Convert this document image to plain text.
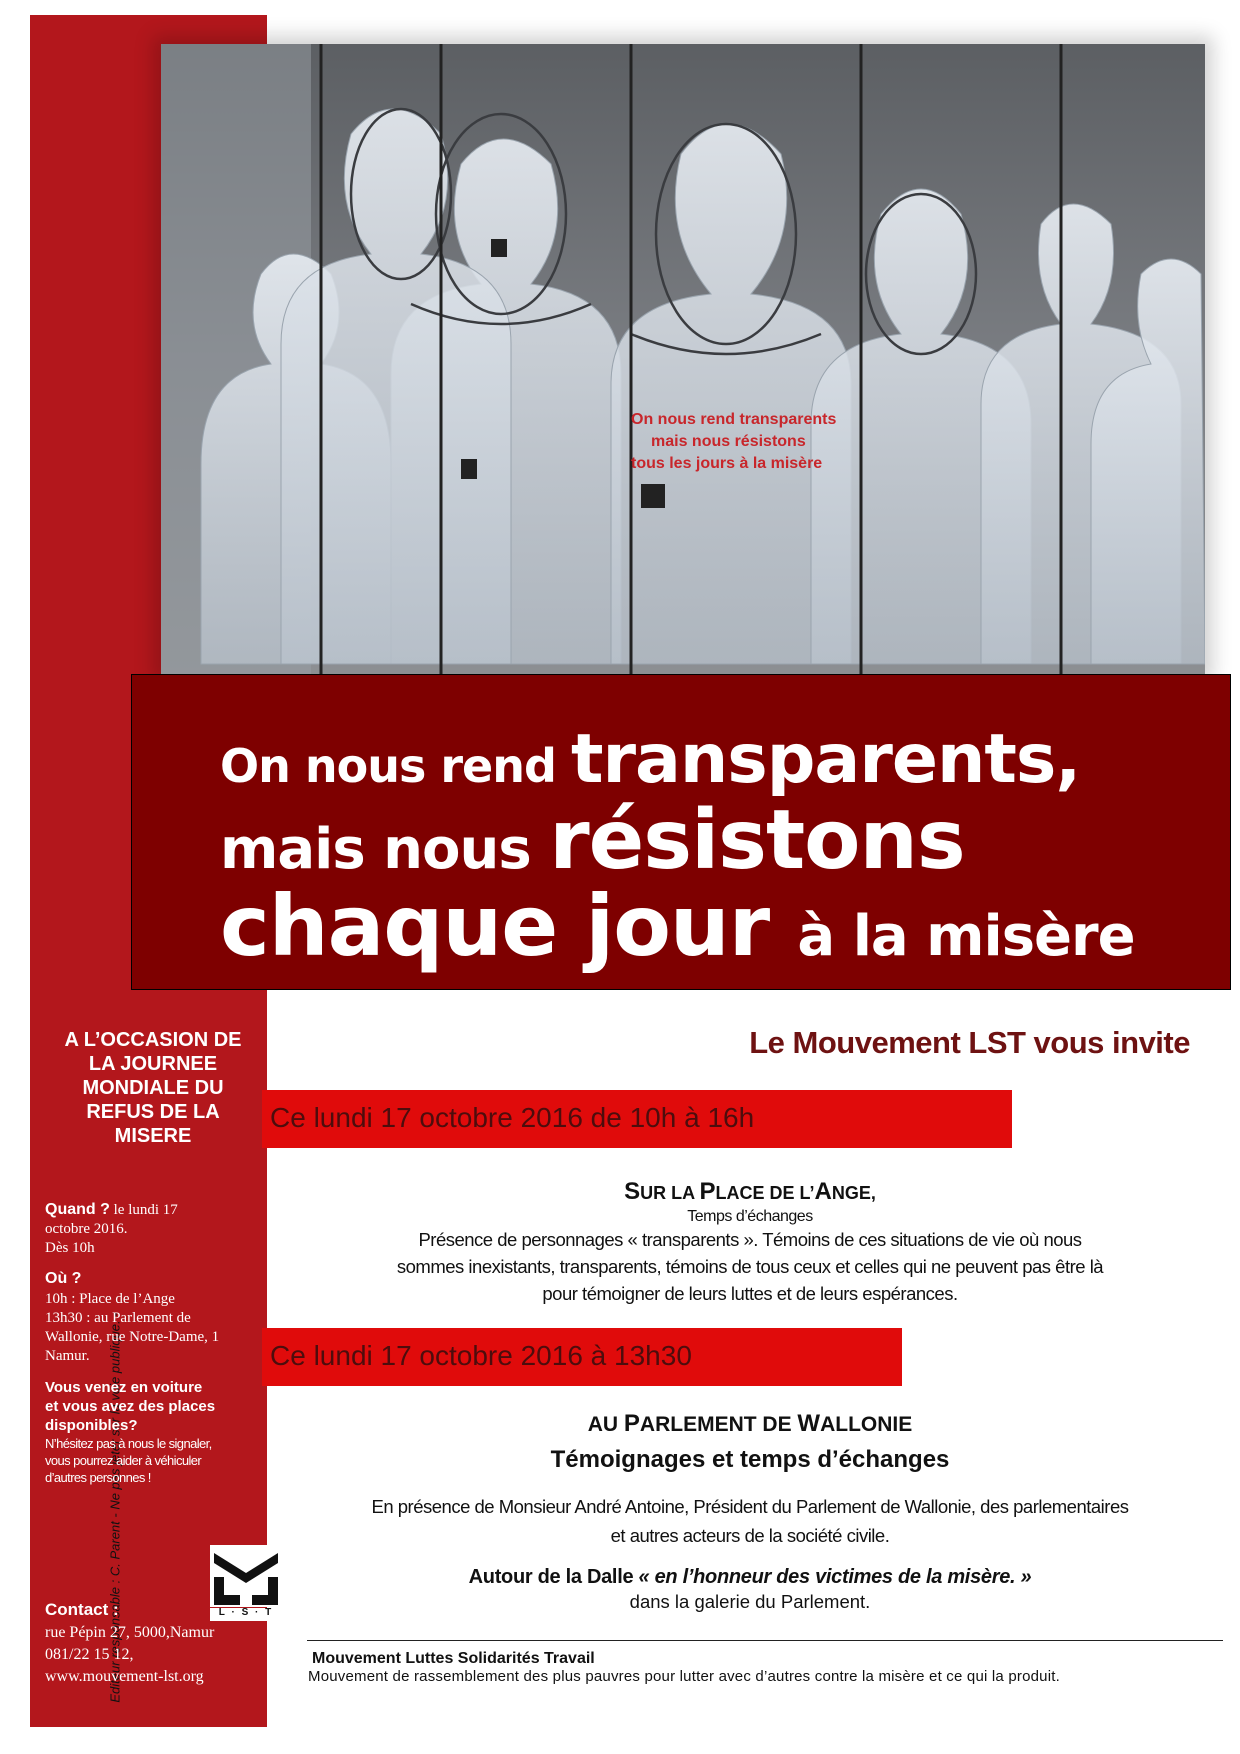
Editeur responsable : C. Parent - Ne pas jeter sur la voie publique. -
A L’OCCASION DE
LA JOURNEE
MONDIALE DU
REFUS DE LA
MISERE
Quand ? le lundi 17
octobre 2016.
Dès 10h
Où ?
10h : Place de l’Ange
13h30 : au Parlement de
Wallonie, rue Notre-Dame, 1
Namur.
Vous venez en voiture
et vous avez des places
disponibles?
N’hésitez pas à nous le signaler,
vous pourrez aider à véhiculer
d’autres personnes !
L · S · T
Contact :
rue Pépin 27, 5000,Namur
081/22 15 12,
www.mouvement-lst.org
On nous rend transparents
mais nous résistons
tous les jours à la misère
On nous rend transparents,
mais nous résistons
chaque jour à la misère
Le Mouvement LST vous invite
Ce lundi 17 octobre 2016 de 10h à 16h
SUR LA PLACE DE L’ANGE,
Temps d’échanges
Présence de personnages « transparents ». Témoins de ces situations de vie où nous
sommes inexistants, transparents, témoins de tous ceux et celles qui ne peuvent pas être là
pour témoigner de leurs luttes et de leurs espérances.
Ce lundi 17 octobre 2016 à 13h30
AU PARLEMENT DE WALLONIE
Témoignages et temps d’échanges
En présence de Monsieur André Antoine, Président du Parlement de Wallonie, des parlementaires
et autres acteurs de la société civile.
Autour de la Dalle « en l’honneur des victimes de la misère. »
dans la galerie du Parlement.
Mouvement Luttes Solidarités Travail
Mouvement de rassemblement des plus pauvres pour lutter avec d’autres contre la misère et ce qui la produit.
